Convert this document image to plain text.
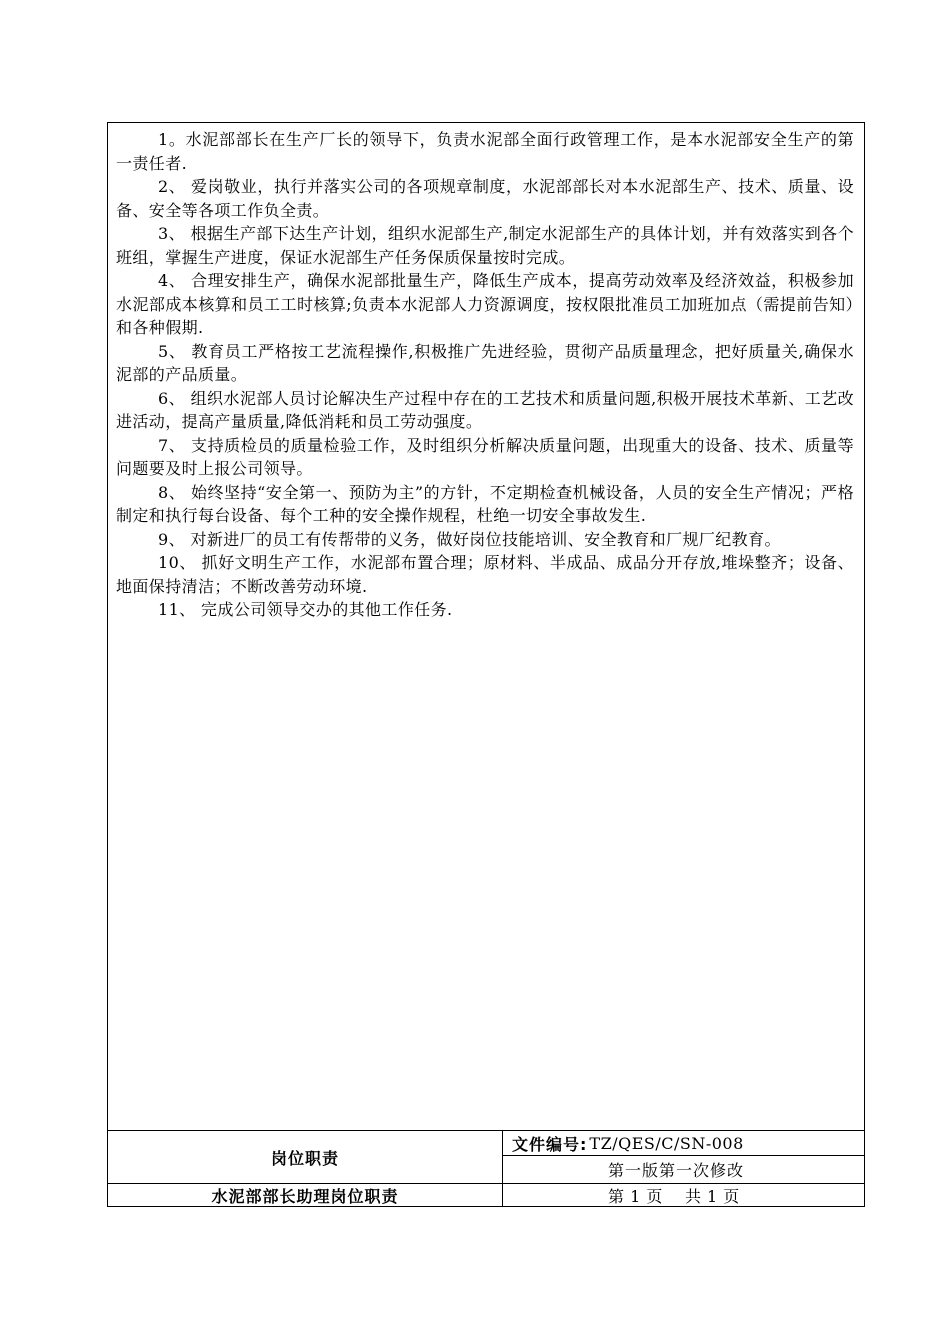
1。水泥部部长在生产厂长的领导下，负责水泥部全面行政管理工作，是本水泥部安全生产的第一责任者.

2、 爱岗敬业，执行并落实公司的各项规章制度，水泥部部长对本水泥部生产、技术、质量、设备、安全等各项工作负全责。

3、 根据生产部下达生产计划，组织水泥部生产,制定水泥部生产的具体计划，并有效落实到各个班组，掌握生产进度，保证水泥部生产任务保质保量按时完成。

4、 合理安排生产，确保水泥部批量生产，降低生产成本，提高劳动效率及经济效益，积极参加水泥部成本核算和员工工时核算;负责本水泥部人力资源调度，按权限批准员工加班加点（需提前告知）和各种假期.

5、 教育员工严格按工艺流程操作,积极推广先进经验，贯彻产品质量理念，把好质量关,确保水泥部的产品质量。

6、 组织水泥部人员讨论解决生产过程中存在的工艺技术和质量问题,积极开展技术革新、工艺改进活动，提高产量质量,降低消耗和员工劳动强度。

7、 支持质检员的质量检验工作，及时组织分析解决质量问题，出现重大的设备、技术、质量等问题要及时上报公司领导。

8、 始终坚持“安全第一、预防为主”的方针，不定期检查机械设备，人员的安全生产情况；严格制定和执行每台设备、每个工种的安全操作规程，杜绝一切安全事故发生.

9、 对新进厂的员工有传帮带的义务，做好岗位技能培训、安全教育和厂规厂纪教育。

10、 抓好文明生产工作，水泥部布置合理；原材料、半成品、成品分开存放,堆垛整齐；设备、地面保持清洁；不断改善劳动环境.

11、 完成公司领导交办的其他工作任务.

岗位职责
文件编号: TZ/QES/C/SN-008
第一版第一次修改
水泥部部长助理岗位职责	第 1 页　 共 1 页
